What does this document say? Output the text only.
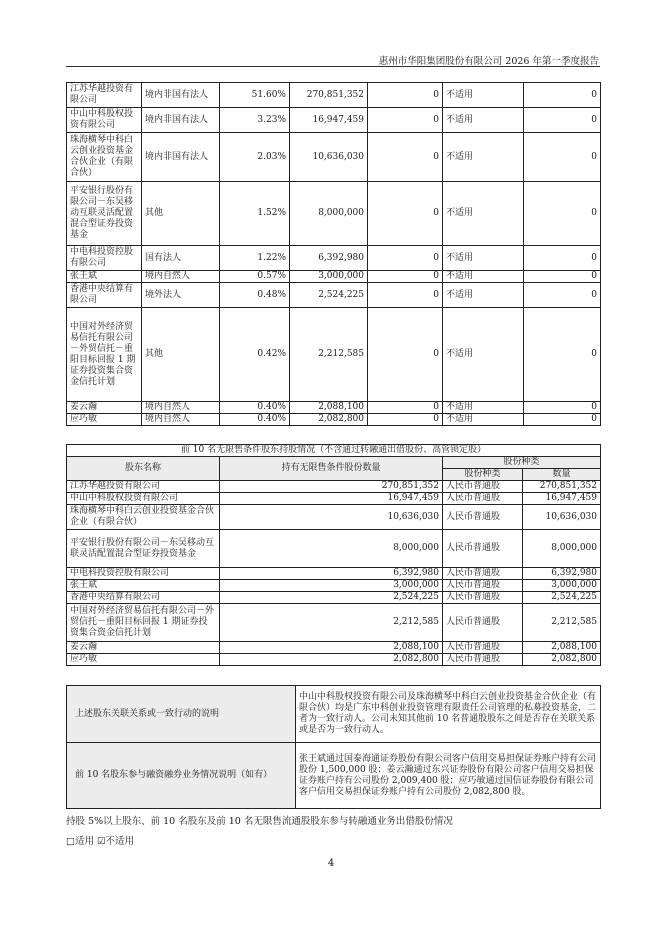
惠州市华阳集团股份有限公司 2026 年第一季度报告
江苏华越投资有限公司	境内非国有法人	51.60%	270,851,352	0	不适用	0
中山中科股权投资有限公司	境内非国有法人	3.23%	16,947,459	0	不适用	0
珠海横琴中科白云创业投资基金合伙企业（有限合伙）	境内非国有法人	2.03%	10,636,030	0	不适用	0
平安银行股份有限公司－东吴移动互联灵活配置混合型证券投资基金	其他	1.52%	8,000,000	0	不适用	0
中电科投资控股有限公司	国有法人	1.22%	6,392,980	0	不适用	0
张王斌	境内自然人	0.57%	3,000,000	0	不适用	0
香港中央结算有限公司	境外法人	0.48%	2,524,225	0	不适用	0
中国对外经济贸易信托有限公司－外贸信托－重阳目标回报 1 期证券投资集合资金信托计划	其他	0.42%	2,212,585	0	不适用	0
姜云瀚	境内自然人	0.40%	2,088,100	0	不适用	0
应巧敏	境内自然人	0.40%	2,082,800	0	不适用	0
前 10 名无限售条件股东持股情况（不含通过转融通出借股份、高管锁定股）			
股东名称	持有无限售条件股份数量	股份种类	
		股份种类	数量
江苏华越投资有限公司	270,851,352	人民币普通股	270,851,352
中山中科股权投资有限公司	16,947,459	人民币普通股	16,947,459
珠海横琴中科白云创业投资基金合伙企业（有限合伙）	10,636,030	人民币普通股	10,636,030
平安银行股份有限公司－东吴移动互联灵活配置混合型证券投资基金	8,000,000	人民币普通股	8,000,000
中电科投资控股有限公司	6,392,980	人民币普通股	6,392,980
张王斌	3,000,000	人民币普通股	3,000,000
香港中央结算有限公司	2,524,225	人民币普通股	2,524,225
中国对外经济贸易信托有限公司－外贸信托－重阳目标回报 1 期证券投资集合资金信托计划	2,212,585	人民币普通股	2,212,585
姜云瀚	2,088,100	人民币普通股	2,088,100
应巧敏	2,082,800	人民币普通股	2,082,800
上述股东关联关系或一致行动的说明	中山中科股权投资有限公司及珠海横琴中科白云创业投资基金合伙企业（有限合伙）均是广东中科创业投资管理有限责任公司管理的私募投资基金，二者为一致行动人。公司未知其他前 10 名普通股股东之间是否存在关联关系或是否为一致行动人。
前 10 名股东参与融资融券业务情况说明（如有）	张王斌通过国泰海通证券股份有限公司客户信用交易担保证券账户持有公司股份 1,500,000 股；姜云瀚通过东兴证券股份有限公司客户信用交易担保证券账户持有公司股份 2,009,400 股；应巧敏通过国信证券股份有限公司客户信用交易担保证券账户持有公司股份 2,082,800 股。
持股 5%以上股东、前 10 名股东及前 10 名无限售流通股股东参与转融通业务出借股份情况
□适用 ☑不适用
4
